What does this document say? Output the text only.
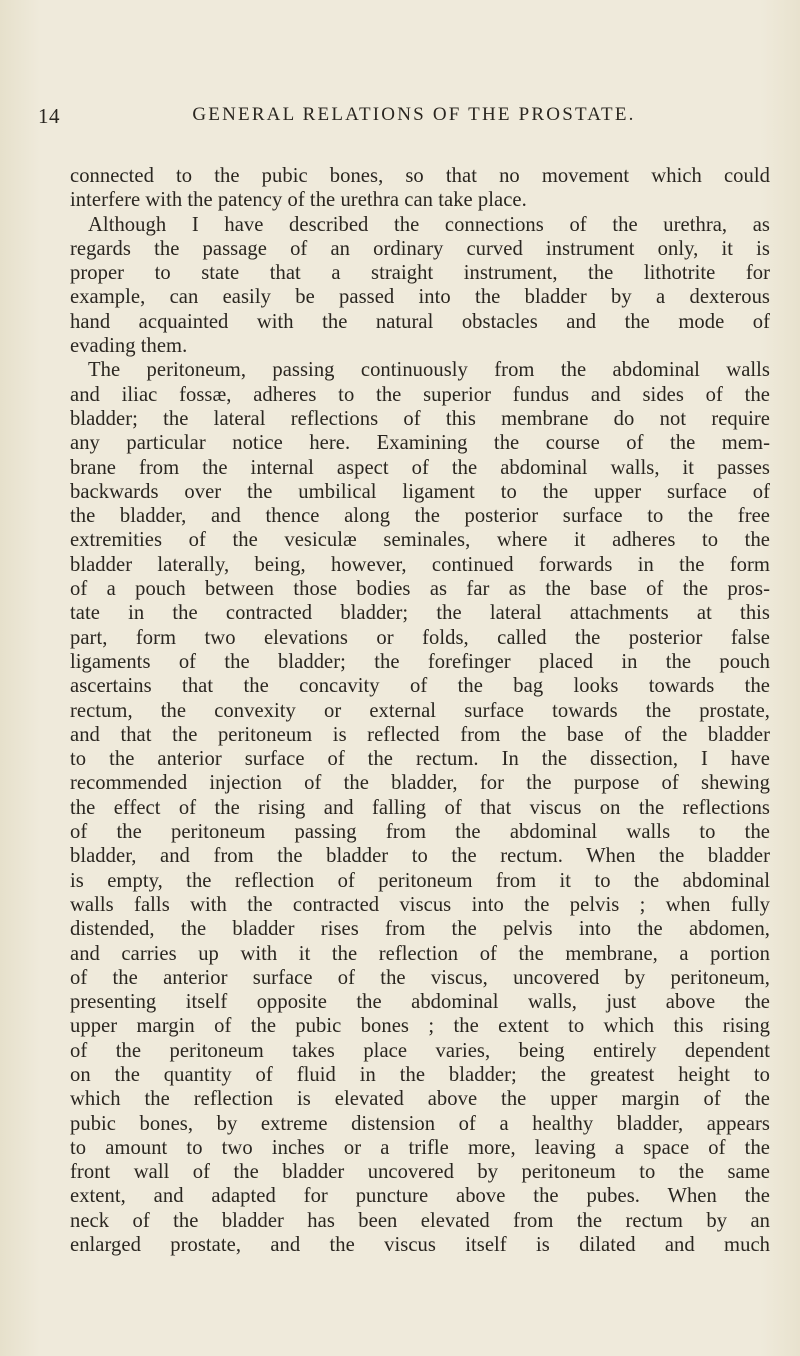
14	GENERAL RELATIONS OF THE PROSTATE.
connected to the pubic bones, so that no movement which could
interfere with the patency of the urethra can take place.
Although I have described the connections of the urethra, as
regards the passage of an ordinary curved instrument only, it is
proper to state that a straight instrument, the lithotrite for
example, can easily be passed into the bladder by a dexterous
hand acquainted with the natural obstacles and the mode of
evading them.
The peritoneum, passing continuously from the abdominal walls
and iliac fossæ, adheres to the superior fundus and sides of the
bladder; the lateral reflections of this membrane do not require
any particular notice here. Examining the course of the mem-
brane from the internal aspect of the abdominal walls, it passes
backwards over the umbilical ligament to the upper surface of
the bladder, and thence along the posterior surface to the free
extremities of the vesiculæ seminales, where it adheres to the
bladder laterally, being, however, continued forwards in the form
of a pouch between those bodies as far as the base of the pros-
tate in the contracted bladder; the lateral attachments at this
part, form two elevations or folds, called the posterior false
ligaments of the bladder; the forefinger placed in the pouch
ascertains that the concavity of the bag looks towards the
rectum, the convexity or external surface towards the prostate,
and that the peritoneum is reflected from the base of the bladder
to the anterior surface of the rectum. In the dissection, I have
recommended injection of the bladder, for the purpose of shewing
the effect of the rising and falling of that viscus on the reflections
of the peritoneum passing from the abdominal walls to the
bladder, and from the bladder to the rectum. When the bladder
is empty, the reflection of peritoneum from it to the abdominal
walls falls with the contracted viscus into the pelvis ; when fully
distended, the bladder rises from the pelvis into the abdomen,
and carries up with it the reflection of the membrane, a portion
of the anterior surface of the viscus, uncovered by peritoneum,
presenting itself opposite the abdominal walls, just above the
upper margin of the pubic bones ; the extent to which this rising
of the peritoneum takes place varies, being entirely dependent
on the quantity of fluid in the bladder; the greatest height to
which the reflection is elevated above the upper margin of the
pubic bones, by extreme distension of a healthy bladder, appears
to amount to two inches or a trifle more, leaving a space of the
front wall of the bladder uncovered by peritoneum to the same
extent, and adapted for puncture above the pubes. When the
neck of the bladder has been elevated from the rectum by an
enlarged prostate, and the viscus itself is dilated and much
